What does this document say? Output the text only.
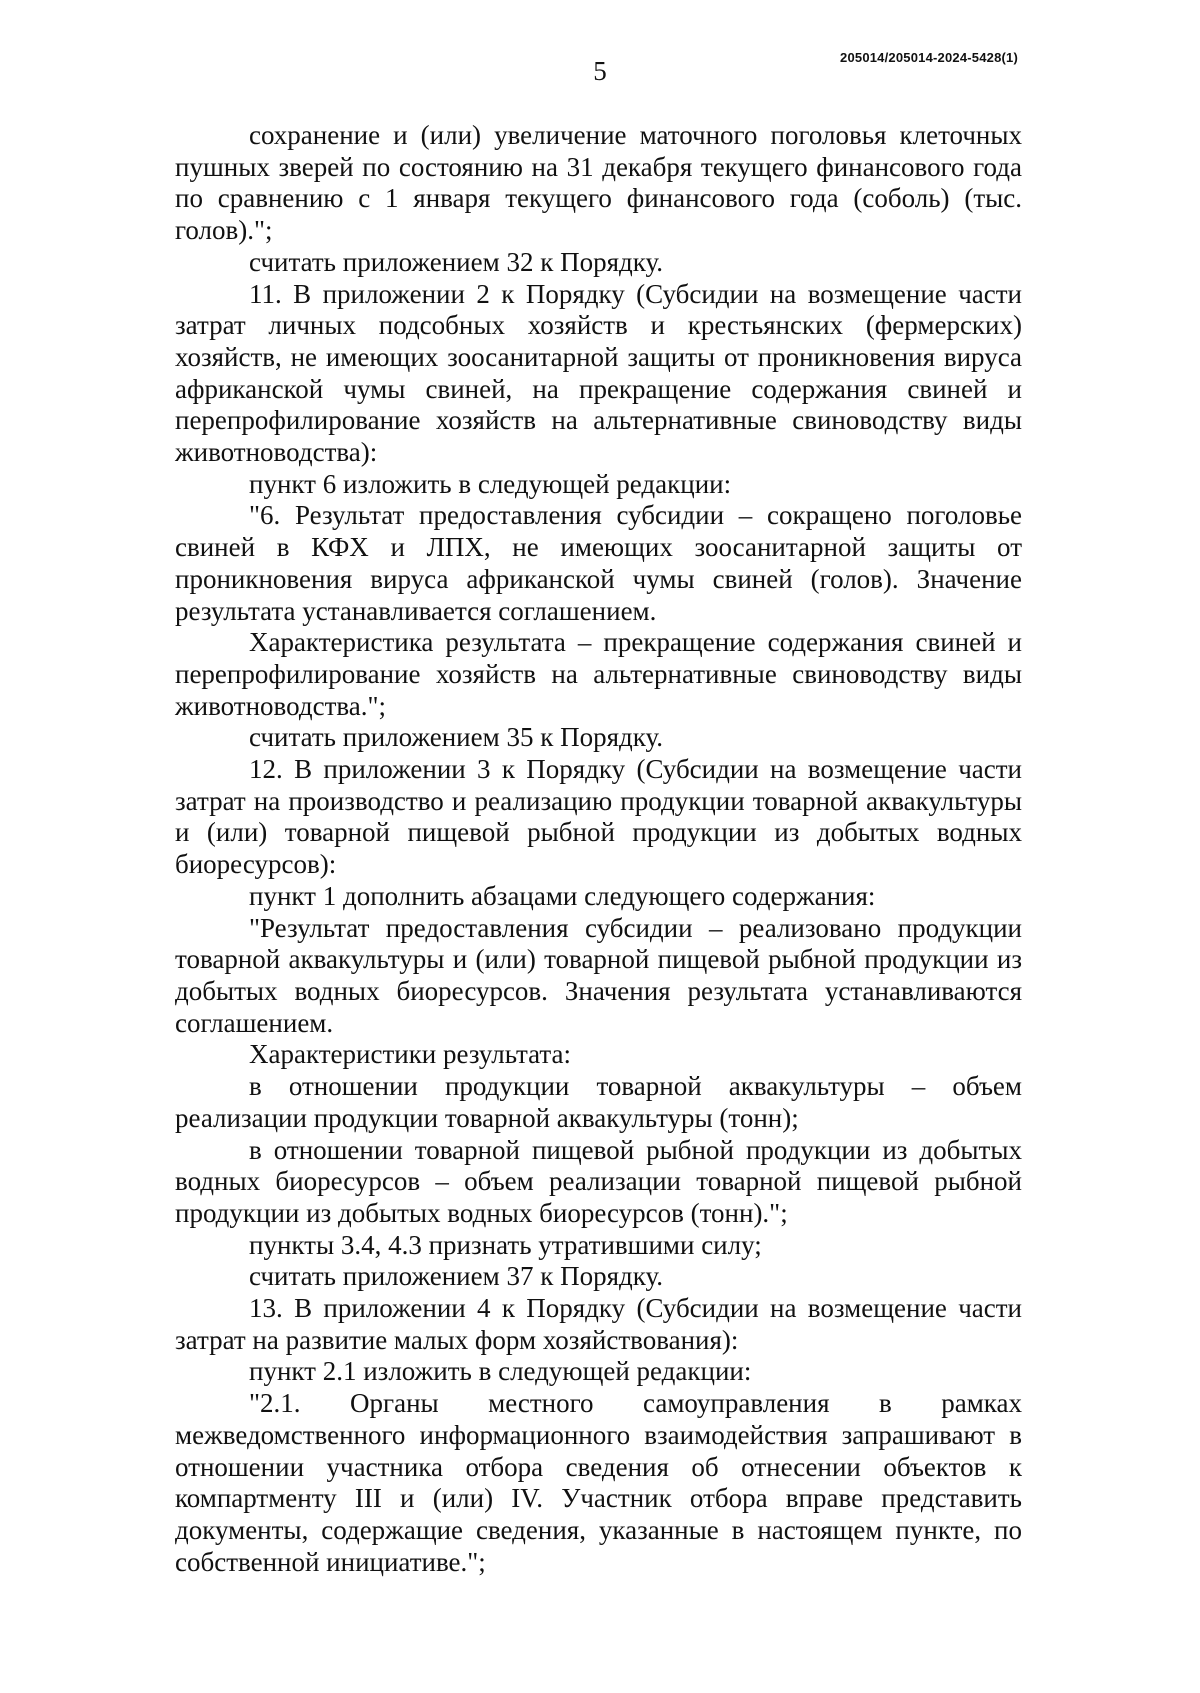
205014/205014-2024-5428(1)
5

сохранение и (или) увеличение маточного поголовья клеточных пушных зверей по состоянию на 31 декабря текущего финансового года по сравнению с 1 января текущего финансового года (соболь) (тыс. голов).";

считать приложением 32 к Порядку.

11. В приложении 2 к Порядку (Субсидии на возмещение части затрат личных подсобных хозяйств и крестьянских (фермерских) хозяйств, не имеющих зоосанитарной защиты от проникновения вируса африканской чумы свиней, на прекращение содержания свиней и перепрофилирование хозяйств на альтернативные свиноводству виды животноводства):

пункт 6 изложить в следующей редакции:

"6. Результат предоставления субсидии – сокращено поголовье свиней в КФХ и ЛПХ, не имеющих зоосанитарной защиты от проникновения вируса африканской чумы свиней (голов). Значение результата устанавливается соглашением.

Характеристика результата – прекращение содержания свиней и перепрофилирование хозяйств на альтернативные свиноводству виды животноводства.";

считать приложением 35 к Порядку.

12. В приложении 3 к Порядку (Субсидии на возмещение части затрат на производство и реализацию продукции товарной аквакультуры и (или) товарной пищевой рыбной продукции из добытых водных биоресурсов):

пункт 1 дополнить абзацами следующего содержания:

"Результат предоставления субсидии – реализовано продукции товарной аквакультуры и (или) товарной пищевой рыбной продукции из добытых водных биоресурсов. Значения результата устанавливаются соглашением.

Характеристики результата:

в отношении продукции товарной аквакультуры – объем реализации продукции товарной аквакультуры (тонн);

в отношении товарной пищевой рыбной продукции из добытых водных биоресурсов – объем реализации товарной пищевой рыбной продукции из добытых водных биоресурсов (тонн).";

пункты 3.4, 4.3 признать утратившими силу;

считать приложением 37 к Порядку.

13. В приложении 4 к Порядку (Субсидии на возмещение части затрат на развитие малых форм хозяйствования):

пункт 2.1 изложить в следующей редакции:

"2.1. Органы местного самоуправления в рамках межведомственного информационного взаимодействия запрашивают в отношении участника отбора сведения об отнесении объектов к компартменту III и (или) IV. Участник отбора вправе представить документы, содержащие сведения, указанные в настоящем пункте, по собственной инициативе.";
